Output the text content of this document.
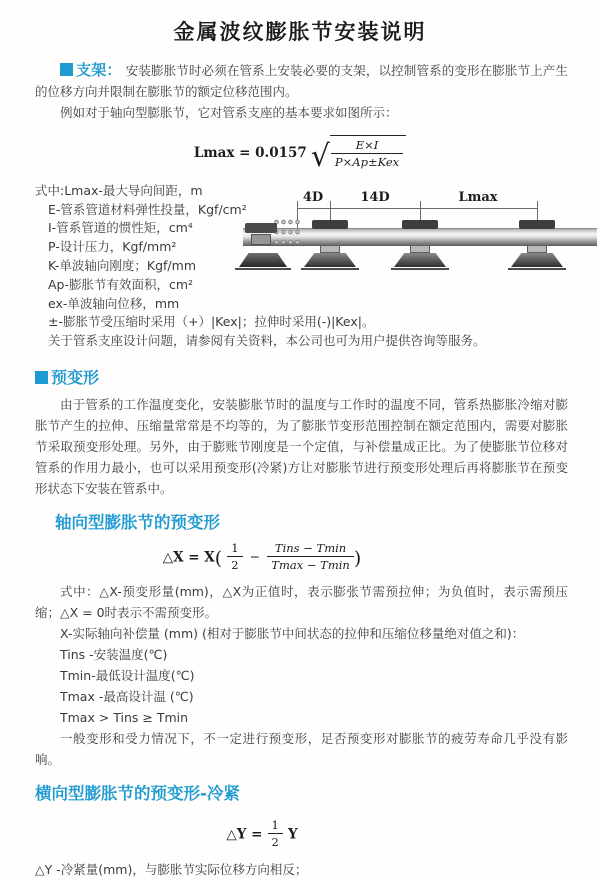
金属波纹膨胀节安装说明

支架： 安装膨胀节时必须在管系上安装必要的支架，以控制管系的变形在膨胀节上产生的位移方向并限制在膨胀节的额定位移范围内。

例如对于轴向型膨胀节，它对管系支座的基本要求如图所示：

Lmax = 0.0157 √ $\frac{E\times I}{\text{P×Ap±Kex}}$
式中:Lmax-最大导向间距，m
E-管系管道材料弹性投量，Kgf/cm²
I-管系管道的惯性矩，cm⁴
P-设计压力，Kgf/mm²
K-单波轴向刚度；Kgf/mm
Ap-膨胀节有效面积，cm²
ex-单波轴向位移，mm
±-膨胀节受压缩时采用（+）|Kex|；拉伸时采用(-)|Kex|。
关于管系支座设计问题，请参阅有关资料，本公司也可为用户提供咨询等服务。
4D	14D	Lmax
预变形

由于管系的工作温度变化，安装膨胀节时的温度与工作时的温度不同，管系热膨胀冷缩对膨胀节产生的拉伸、压缩量常常是不均等的，为了膨胀节变形范围控制在额定范围内，需要对膨胀节采取预变形处理。另外，由于膨账节刚度是一个定值，与补偿量成正比。为了使膨胀节位移对管系的作用力最小，也可以采用预变形(冷紧)方让对膨胀节进行预变形处理后再将膨胀节在预变形状态下安装在管系中。

轴向型膨胀节的预变形
△X = $X( \frac{1}{2} - \frac{\text{Tins − Tmin}}{Tmax - Tmin}$ )

式中：△X-预变形量(mm)，△X为正值时，表示膨张节需预拉伸；为负值时，表示需预压缩；△X = 0时表示不需预变形。

X-实际轴向补偿量 (mm) (相对于膨胀节中间状态的拉伸和压缩位移量绝对值之和)：
Tins -安装温度(℃)
Tmin-最低设计温度(℃)
Tmax -最高设计温 (℃)
Tmax > Tins ≥ Tmin
一般变形和受力情况下，不一定进行预变形，足否预变形对膨胀节的疲劳寿命几乎没有影响。
横向型膨胀节的预变形-冷紧
△Y = $\frac{1}{2}$ Y

△Y -冷紧量(mm)，与膨胀节实际位移方向相反；
